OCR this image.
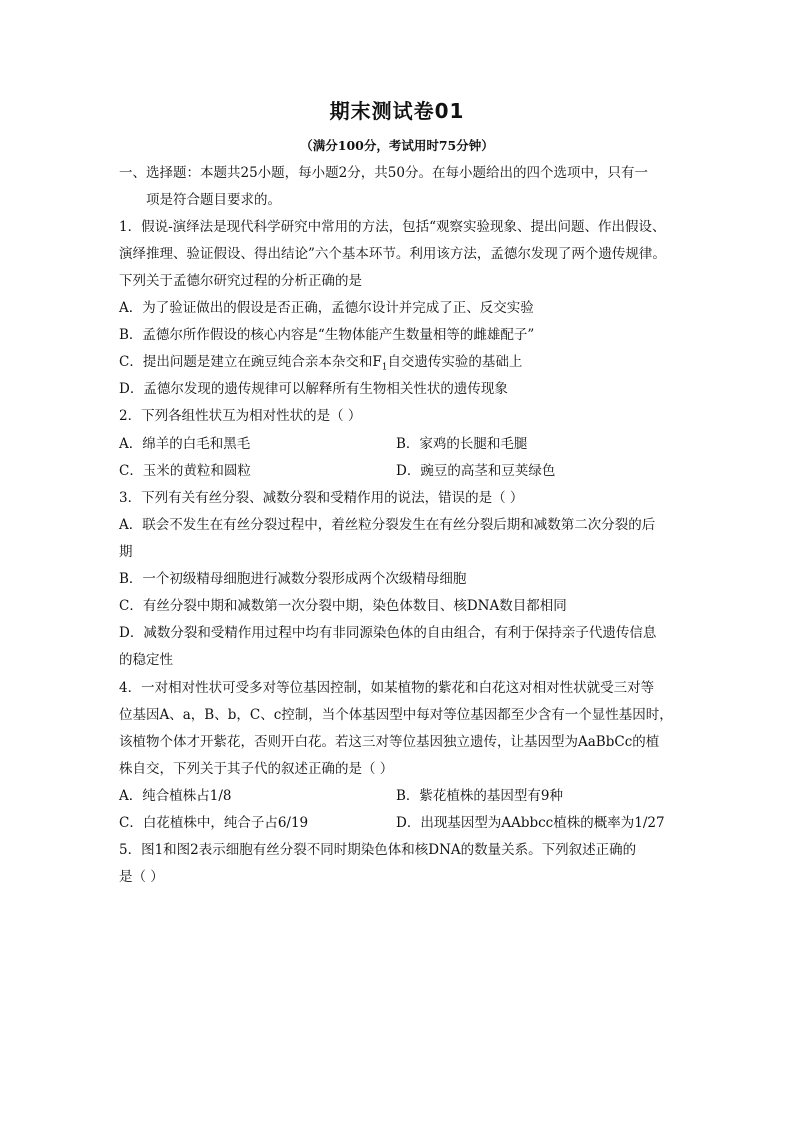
期末测试卷01
（满分100分，考试用时75分钟）
一、选择题：本题共25小题，每小题2分，共50分。在每小题给出的四个选项中，只有一
项是符合题目要求的。
1．假说-演绎法是现代科学研究中常用的方法，包括“观察实验现象、提出问题、作出假设、
演绎推理、验证假设、得出结论”六个基本环节。利用该方法，孟德尔发现了两个遗传规律。
下列关于孟德尔研究过程的分析正确的是
A．为了验证做出的假设是否正确，孟德尔设计并完成了正、反交实验
B．孟德尔所作假设的核心内容是“生物体能产生数量相等的雌雄配子”
C．提出问题是建立在豌豆纯合亲本杂交和$F_1$自交遗传实验的基础上
D．孟德尔发现的遗传规律可以解释所有生物相关性状的遗传现象
2．下列各组性状互为相对性状的是（ ）
A．绵羊的白毛和黑毛	B．家鸡的长腿和毛腿
C．玉米的黄粒和圆粒	D．豌豆的高茎和豆荚绿色
3．下列有关有丝分裂、减数分裂和受精作用的说法，错误的是（ ）
A．联会不发生在有丝分裂过程中，着丝粒分裂发生在有丝分裂后期和减数第二次分裂的后
期
B．一个初级精母细胞进行减数分裂形成两个次级精母细胞
C．有丝分裂中期和减数第一次分裂中期，染色体数目、核DNA数目都相同
D．减数分裂和受精作用过程中均有非同源染色体的自由组合，有利于保持亲子代遗传信息
的稳定性
4．一对相对性状可受多对等位基因控制，如某植物的紫花和白花这对相对性状就受三对等
位基因A、a，B、b，C、c控制，当个体基因型中每对等位基因都至少含有一个显性基因时，
该植物个体才开紫花，否则开白花。若这三对等位基因独立遗传，让基因型为AaBbCc的植
株自交，下列关于其子代的叙述正确的是（ ）
A．纯合植株占1/8	B．紫花植株的基因型有9种
C．白花植株中，纯合子占6/19	D．出现基因型为AAbbcc植株的概率为1/27
5．图1和图2表示细胞有丝分裂不同时期染色体和核DNA的数量关系。下列叙述正确的
是（ ）
